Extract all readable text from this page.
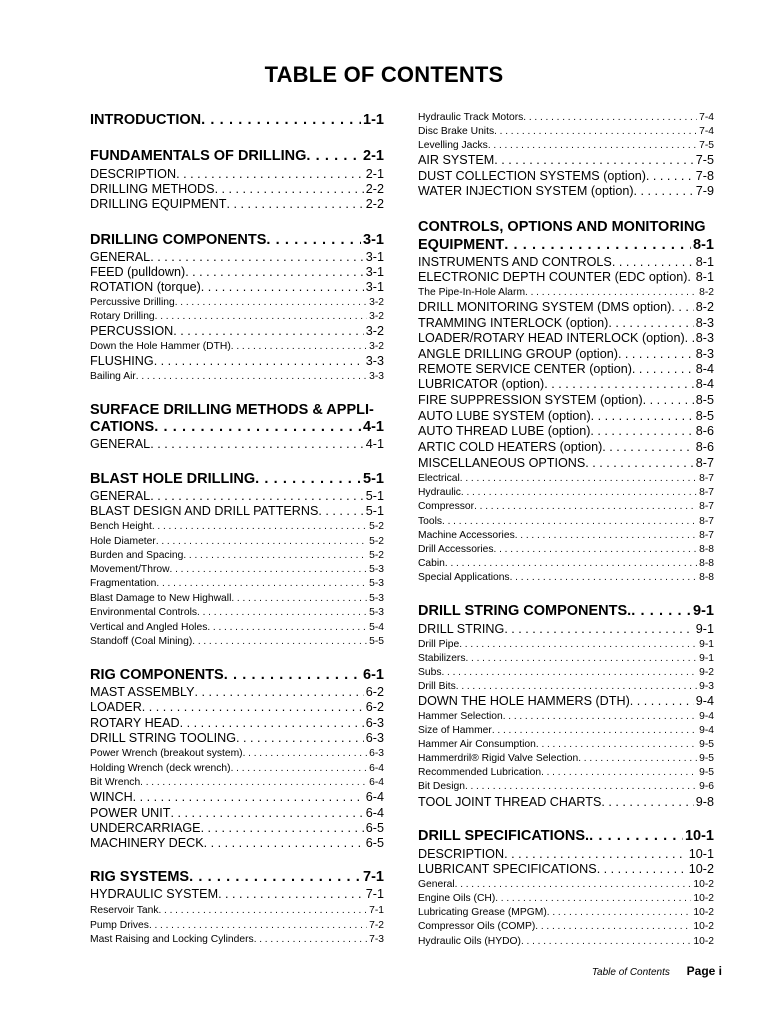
TABLE OF CONTENTS
INTRODUCTION . . .	1-1
FUNDAMENTALS OF DRILLING . . .	2-1
DESCRIPTION . . .	2-1
DRILLING METHODS . . .	2-2
DRILLING EQUIPMENT . . .	2-2
DRILLING COMPONENTS . . .	3-1
GENERAL . . .	3-1
FEED (pulldown) . . .	3-1
ROTATION (torque) . . .	3-1
Percussive Drilling . . .	3-2
Rotary Drilling . . .	3-2
PERCUSSION . . .	3-2
Down the Hole Hammer (DTH) . . .	3-2
FLUSHING . . .	3-3
Bailing Air . . .	3-3
SURFACE DRILLING METHODS & APPLI-
CATIONS . . .	4-1
GENERAL . . .	4-1
BLAST HOLE DRILLING . . .	5-1
GENERAL . . .	5-1
BLAST DESIGN AND DRILL PATTERNS . . .	5-1
Bench Height . . .	5-2
Hole Diameter . . .	5-2
Burden and Spacing . . .	5-2
Movement/Throw . . .	5-3
Fragmentation . . .	5-3
Blast Damage to New Highwall . . .	5-3
Environmental Controls . . .	5-3
Vertical and Angled Holes . . .	5-4
Standoff (Coal Mining) . . .	5-5
RIG COMPONENTS . . .	6-1
MAST ASSEMBLY . . .	6-2
LOADER . . .	6-2
ROTARY HEAD . . .	6-3
DRILL STRING TOOLING . . .	6-3
Power Wrench (breakout system) . . .	6-3
Holding Wrench (deck wrench) . . .	6-4
Bit Wrench . . .	6-4
WINCH . . .	6-4
POWER UNIT . . .	6-4
UNDERCARRIAGE . . .	6-5
MACHINERY DECK . . .	6-5
RIG SYSTEMS . . .	7-1
HYDRAULIC SYSTEM . . .	7-1
Reservoir Tank . . .	7-1
Pump Drives . . .	7-2
Mast Raising and Locking Cylinders . . .	7-3
Hydraulic Track Motors . . .	7-4
Disc Brake Units . . .	7-4
Levelling Jacks . . .	7-5
AIR SYSTEM . . .	7-5
DUST COLLECTION SYSTEMS (option) . . .	7-8
WATER INJECTION SYSTEM (option) . . .	7-9
CONTROLS, OPTIONS AND MONITORING
EQUIPMENT . . .	8-1
INSTRUMENTS AND CONTROLS . . .	8-1
ELECTRONIC DEPTH COUNTER (EDC option) . . . 8-1
The Pipe-In-Hole Alarm . . .	8-2
DRILL MONITORING SYSTEM (DMS option) . . . 8-2
TRAMMING INTERLOCK (option) . . .	8-3
LOADER/ROTARY HEAD INTERLOCK (option) . . . 8-3
ANGLE DRILLING GROUP (option) . . .	8-3
REMOTE SERVICE CENTER (option) . . .	8-4
LUBRICATOR (option) . . .	8-4
FIRE SUPPRESSION SYSTEM (option) . . .	8-5
AUTO LUBE SYSTEM (option) . . .	8-5
AUTO THREAD LUBE (option) . . .	8-6
ARTIC COLD HEATERS (option) . . .	8-6
MISCELLANEOUS OPTIONS . . .	8-7
Electrical . . .	8-7
Hydraulic . . .	8-7
Compressor . . .	8-7
Tools . . .	8-7
Machine Accessories . . .	8-7
Drill Accessories . . .	8-8
Cabin . . .	8-8
Special Applications . . .	8-8
DRILL STRING COMPONENTS. . . .	9-1
DRILL STRING . . .	9-1
Drill Pipe . . .	9-1
Stabilizers . . .	9-1
Subs . . .	9-2
Drill Bits . . .	9-3
DOWN THE HOLE HAMMERS (DTH) . . .	9-4
Hammer Selection . . .	9-4
Size of Hammer . . .	9-4
Hammer Air Consumption . . .	9-5
Hammerdril® Rigid Valve Selection . . .	9-5
Recommended Lubrication . . .	9-5
Bit Design . . .	9-6
TOOL JOINT THREAD CHARTS . . .	9-8
DRILL SPECIFICATIONS. . . .	10-1
DESCRIPTION . . .	10-1
LUBRICANT SPECIFICATIONS . . .	10-2
General . . .	10-2
Engine Oils (CH) . . .	10-2
Lubricating Grease (MPGM) . . .	10-2
Compressor Oils (COMP) . . .	10-2
Hydraulic Oils (HYDO) . . .	10-2
Table of Contents Page i
